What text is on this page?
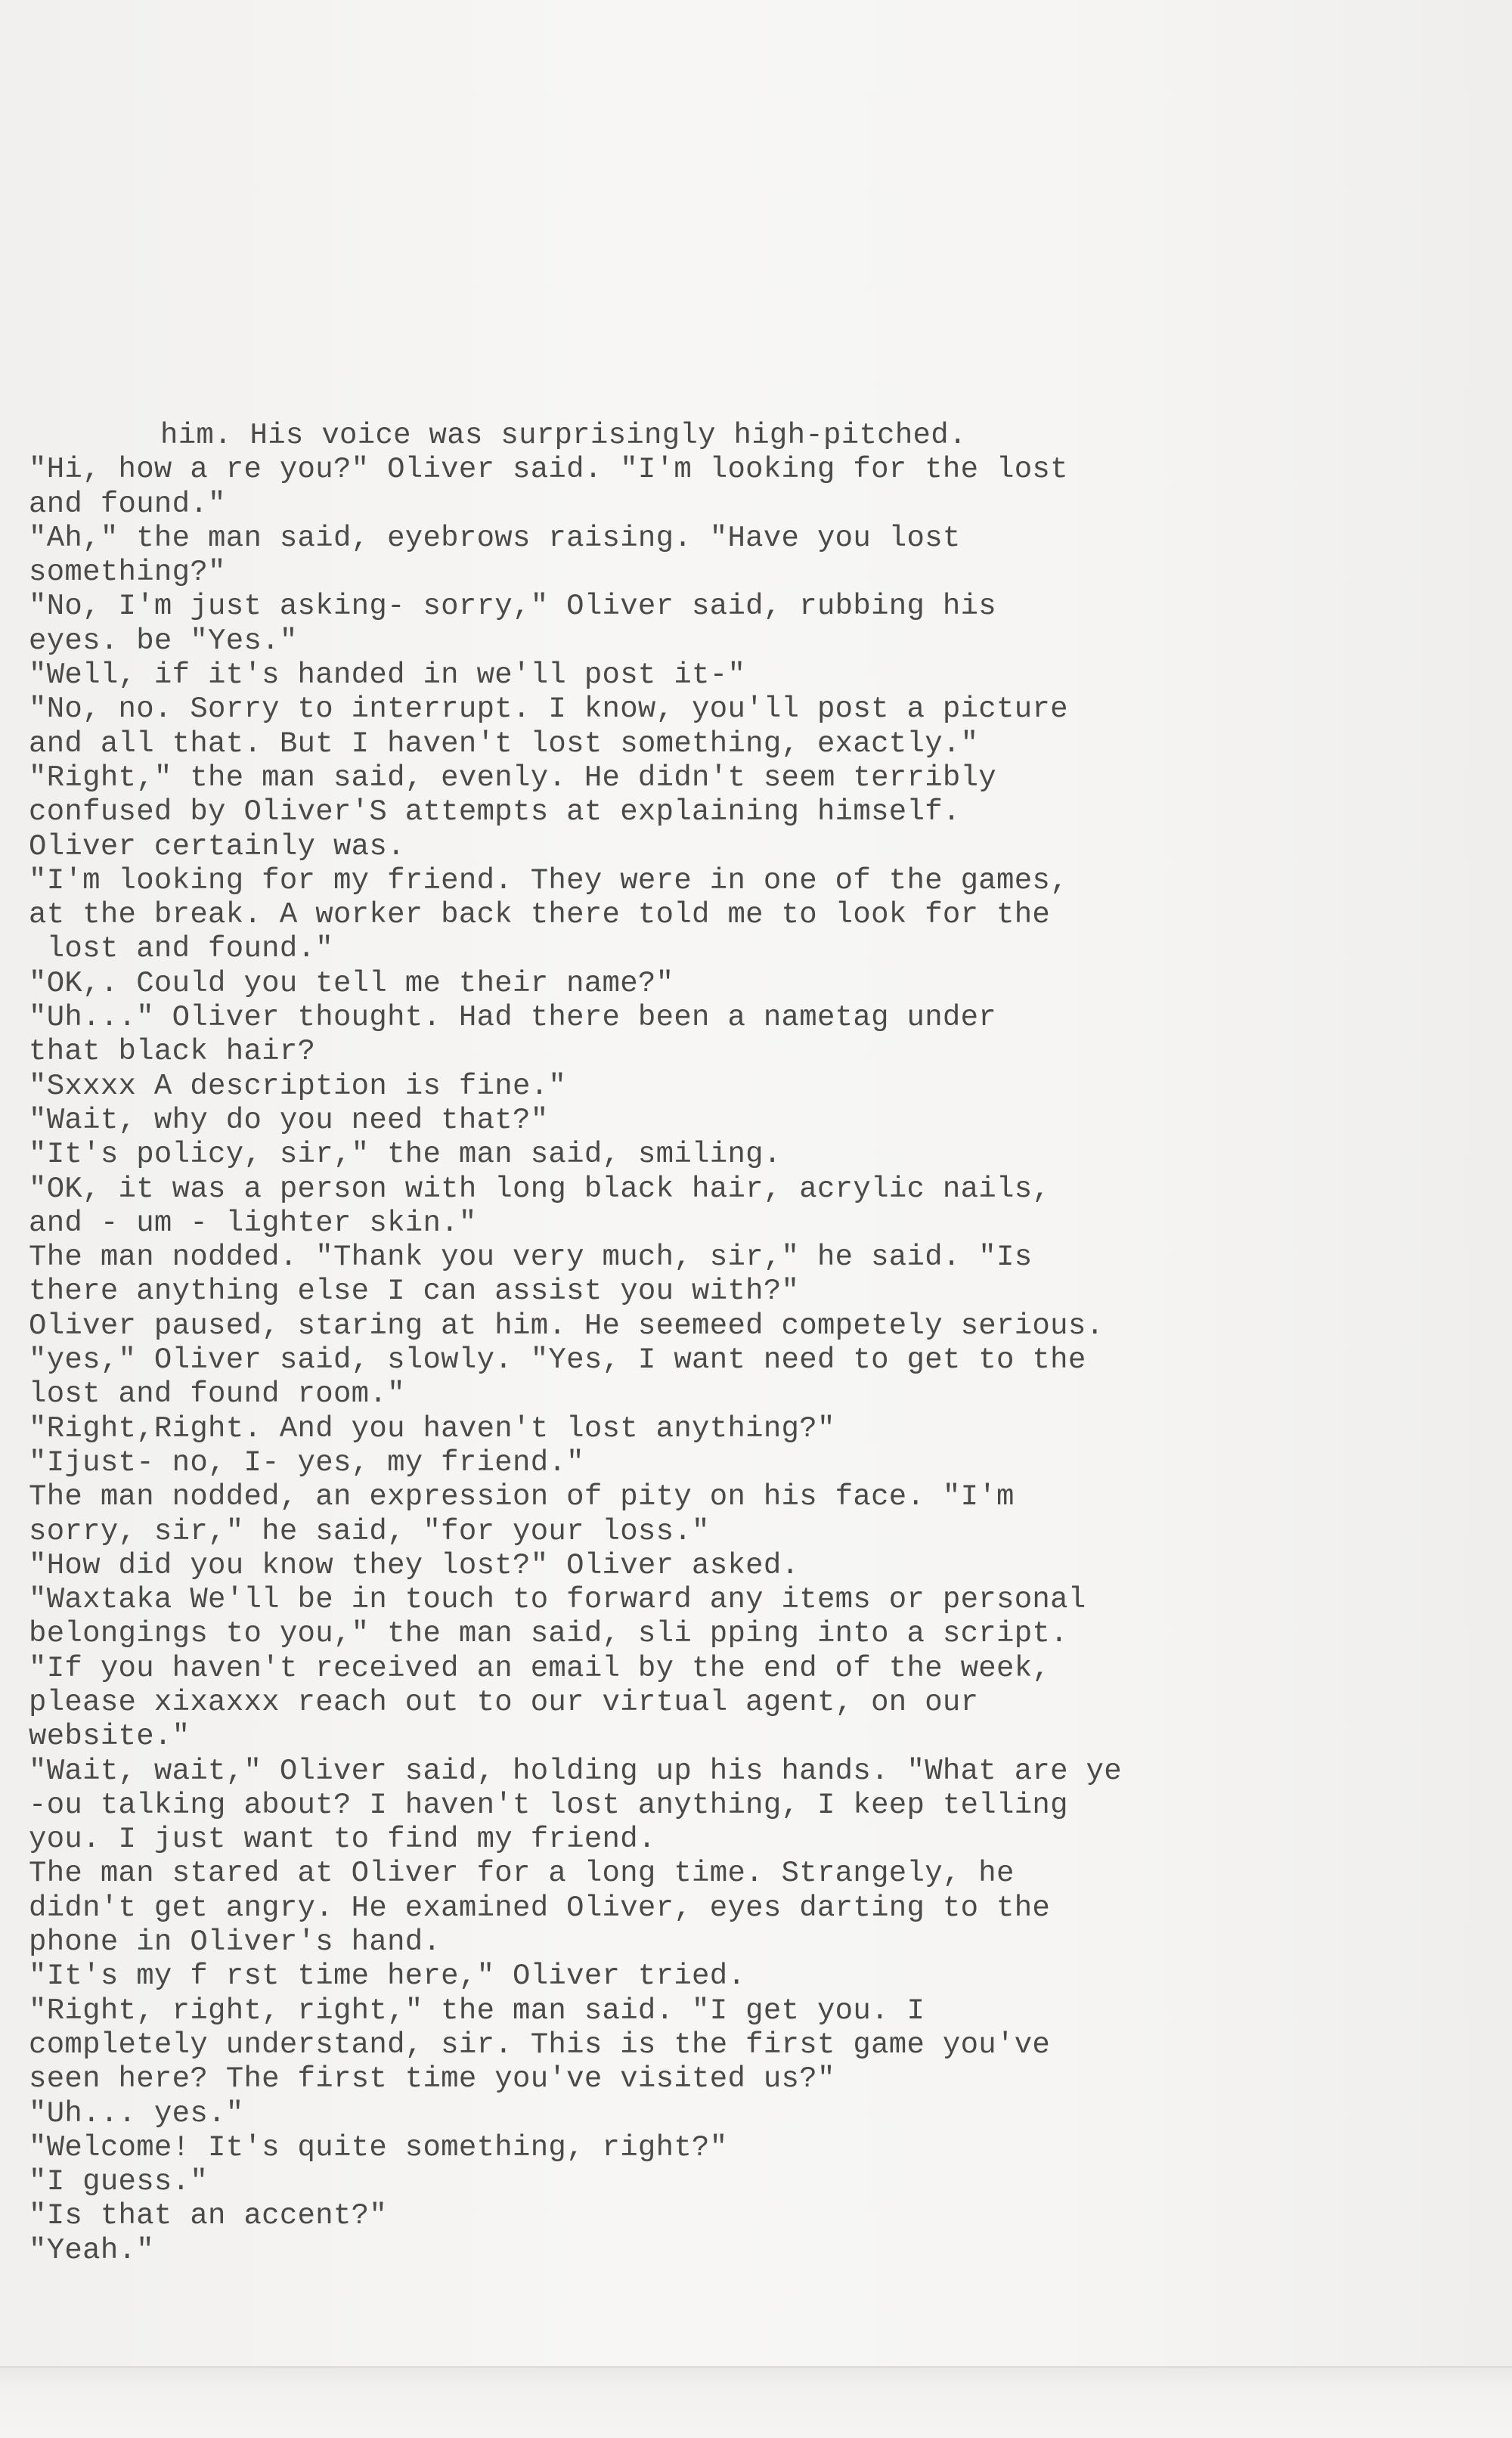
him. His voice was surprisingly high-pitched.
"Hi, how a re you?" Oliver said. "I'm looking for the lost
and found."
"Ah," the man said, eyebrows raising. "Have you lost
something?"
"No, I'm just asking- sorry," Oliver said, rubbing his
eyes. be "Yes."
"Well, if it's handed in we'll post it-"
"No, no. Sorry to interrupt. I know, you'll post a picture
and all that. But I haven't lost something, exactly."
"Right," the man said, evenly. He didn't seem terribly
confused by Oliver'S attempts at explaining himself.
Oliver certainly was.
"I'm looking for my friend. They were in one of the games,
at the break. A worker back there told me to look for the
lost and found."
"OK,. Could you tell me their name?"
"Uh..." Oliver thought. Had there been a nametag under
that black hair?
"Sxxxx A description is fine."
"Wait, why do you need that?"
"It's policy, sir," the man said, smiling.
"OK, it was a person with long black hair, acrylic nails,
and - um - lighter skin."
The man nodded. "Thank you very much, sir," he said. "Is
there anything else I can assist you with?"
Oliver paused, staring at him. He seemeed competely serious.
"yes," Oliver said, slowly. "Yes, I want need to get to the
lost and found room."
"Right,Right. And you haven't lost anything?"
"Ijust- no, I- yes, my friend."
The man nodded, an expression of pity on his face. "I'm
sorry, sir," he said, "for your loss."
"How did you know they lost?" Oliver asked.
"Waxtaka We'll be in touch to forward any items or personal
belongings to you," the man said, sli pping into a script.
"If you haven't received an email by the end of the week,
please xixaxxx reach out to our virtual agent, on our
website."
"Wait, wait," Oliver said, holding up his hands. "What are ye
-ou talking about? I haven't lost anything, I keep telling
you. I just want to find my friend.
The man stared at Oliver for a long time. Strangely, he
didn't get angry. He examined Oliver, eyes darting to the
phone in Oliver's hand.
"It's my f rst time here," Oliver tried.
"Right, right, right," the man said. "I get you. I
completely understand, sir. This is the first game you've
seen here? The first time you've visited us?"
"Uh... yes."
"Welcome! It's quite something, right?"
"I guess."
"Is that an accent?"
"Yeah."
